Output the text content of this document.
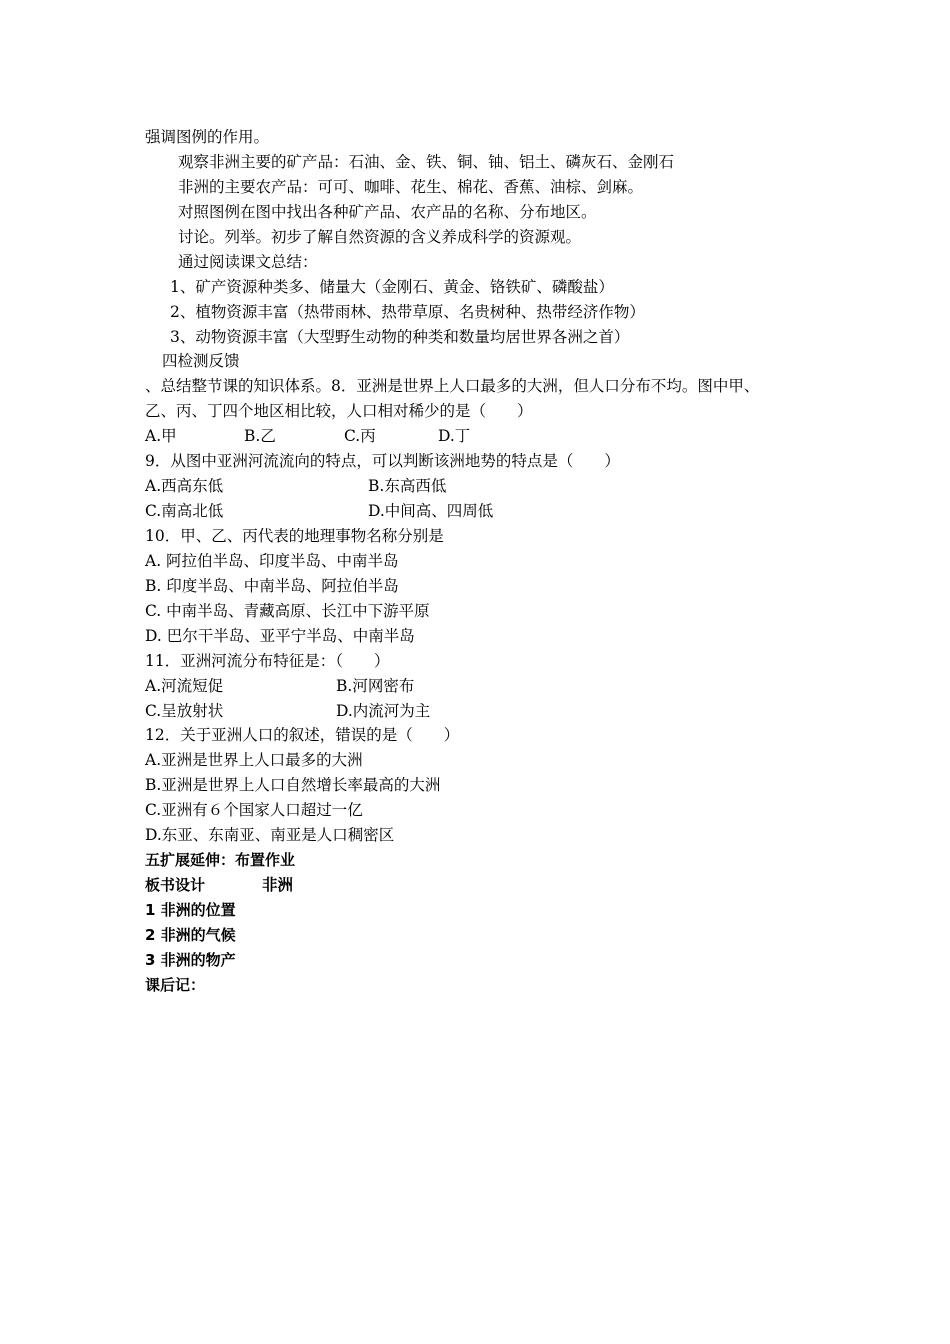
强调图例的作用。
观察非洲主要的矿产品：石油、金、铁、铜、铀、铝土、磷灰石、金刚石
非洲的主要农产品：可可、咖啡、花生、棉花、香蕉、油棕、剑麻。
对照图例在图中找出各种矿产品、农产品的名称、分布地区。
讨论。列举。初步了解自然资源的含义养成科学的资源观。
通过阅读课文总结：
1、矿产资源种类多、储量大（金刚石、黄金、铬铁矿、磷酸盐）
2、植物资源丰富（热带雨林、热带草原、名贵树种、热带经济作物）
3、动物资源丰富（大型野生动物的种类和数量均居世界各洲之首）
四检测反馈
、总结整节课的知识体系。8．亚洲是世界上人口最多的大洲，但人口分布不均。图中甲、
乙、丙、丁四个地区相比较，人口相对稀少的是（　　）
A.甲	B.乙	C.丙	D.丁
9．从图中亚洲河流流向的特点，可以判断该洲地势的特点是（　　）
A.西高东低	B.东高西低
C.南高北低	D.中间高、四周低
10．甲、乙、丙代表的地理事物名称分别是
A. 阿拉伯半岛、印度半岛、中南半岛
B. 印度半岛、中南半岛、阿拉伯半岛
C. 中南半岛、青藏高原、长江中下游平原
D. 巴尔干半岛、亚平宁半岛、中南半岛
11．亚洲河流分布特征是：（　　）
A.河流短促	B.河网密布
C.呈放射状	D.内流河为主
12．关于亚洲人口的叙述，错误的是（　　）
A.亚洲是世界上人口最多的大洲
B.亚洲是世界上人口自然增长率最高的大洲
C.亚洲有６个国家人口超过一亿
D.东亚、东南亚、南亚是人口稠密区
五扩展延伸：布置作业
板书设计	非洲
1 非洲的位置
2 非洲的气候
3 非洲的物产
课后记：
